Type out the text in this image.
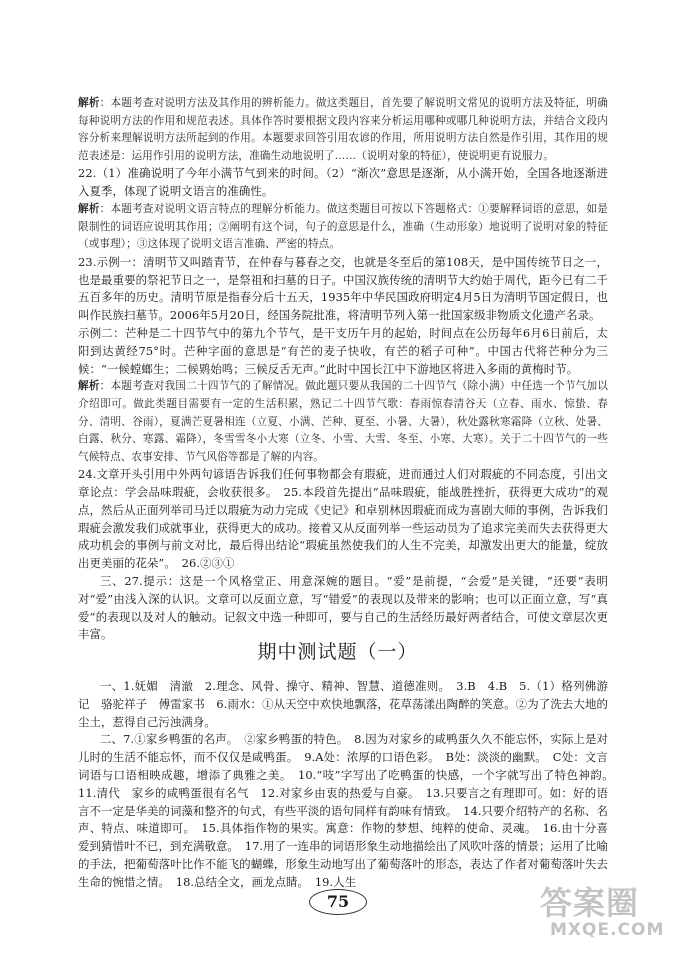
解析：本题考查对说明方法及其作用的辨析能力。做这类题目，首先要了解说明文常见的说明方法及特征，明确每种说明方法的作用和规范表述。具体作答时要根据文段内容来分析运用哪种或哪几种说明方法，并结合文段内容分析来理解说明方法所起到的作用。本题要求回答引用农谚的作用，所用说明方法自然是作引用，其作用的规范表述是：运用作引用的说明方法，准确生动地说明了……（说明对象的特征），使说明更有说服力。

22.（1）准确说明了今年小满节气到来的时间。（2）“渐次”意思是逐渐，从小满开始，全国各地逐渐进入夏季，体现了说明文语言的准确性。

解析：本题考查对说明文语言特点的理解分析能力。做这类题目可按以下答题格式：①要解释词语的意思，如是限制性的词语应说明其作用；②阐明有这个词，句子的意思是什么，准确（生动形象）地说明了说明对象的特征（或事理）；③这体现了说明文语言准确、严密的特点。

23.示例一：清明节又叫踏青节，在仲春与暮春之交，也就是冬至后的第108天，是中国传统节日之一，也是最重要的祭祀节日之一，是祭祖和扫墓的日子。中国汉族传统的清明节大约始于周代，距今已有二千五百多年的历史。清明节原是指春分后十五天，1935年中华民国政府明定4月5日为清明节国定假日，也叫作民族扫墓节。2006年5月20日，经国务院批准，将清明节列入第一批国家级非物质文化遗产名录。

示例二：芒种是二十四节气中的第九个节气，是干支历午月的起始，时间点在公历每年6月6日前后，太阳到达黄经75°时。芒种字面的意思是“有芒的麦子快收，有芒的稻子可种”。中国古代将芒种分为三候：“一候螳螂生；二候䴗始鸣；三候反舌无声。”此时中国长江中下游地区将进入多雨的黄梅时节。

解析：本题考查对我国二十四节气的了解情况。做此题只要从我国的二十四节气（除小满）中任选一个节气加以介绍即可。做此类题目需要有一定的生活积累，熟记二十四节气歌：春雨惊春清谷天（立春、雨水、惊蛰、春分、清明、谷雨），夏满芒夏暑相连（立夏、小满、芒种、夏至、小暑、大暑），秋处露秋寒霜降（立秋、处暑、白露、秋分、寒露、霜降），冬雪雪冬小大寒（立冬、小雪、大雪、冬至、小寒、大寒）。关于二十四节气的一些气候特点、农事安排、节气风俗等都是了解的内容。

24.文章开头引用中外两句谚语告诉我们任何事物都会有瑕疵，进而通过人们对瑕疵的不同态度，引出文章论点：学会品味瑕疵，会收获很多。　25.本段首先提出“品味瑕疵，能战胜挫折，获得更大成功”的观点，然后从正面列举司马迁以瑕疵为动力完成《史记》和卓别林因瑕疵而成为喜剧大师的事例，告诉我们瑕疵会激发我们成就事业，获得更大的成功。接着又从反面列举一些运动员为了追求完美而失去获得更大成功机会的事例与前文对比，最后得出结论“瑕疵虽然使我们的人生不完美，却激发出更大的能量，绽放出更美丽的花朵”。　26.②③①

三、27.提示：这是一个风格堂正、用意深婉的题目。“爱”是前提，“会爱”是关键，“还要”表明对“爱”由浅入深的认识。文章可以反面立意，写“错爱”的表现以及带来的影响；也可以正面立意，写“真爱”的表现以及对人的触动。记叙文中选一种即可，要与自己的生活经历最好两者结合，可使文章层次更丰富。

期中测试题（一）

一、1.妩媚　清澈　2.理念、风骨、操守、精神、智慧、道德准则。　3.B　4.B　5.（1）格列佛游记　骆驼祥子　傅雷家书　6.雨水：①从天空中欢快地飘落，花草荡漾出陶醉的笑意。②为了洗去大地的尘土，惹得自己污浊满身。

二、7.①家乡鸭蛋的名声。　②家乡鸭蛋的特色。　8.因为对家乡的咸鸭蛋久久不能忘怀，实际上是对儿时的生活不能忘怀，而不仅仅是咸鸭蛋。　9.A处：浓厚的口语色彩。　B处：淡淡的幽默。　C处：文言词语与口语相映成趣，增添了典雅之美。　10.“吱”字写出了吃鸭蛋的快感，一个字就写出了特色神韵。　11.清代　家乡的咸鸭蛋很有名气　12.对家乡由衷的热爱与自豪。　13.只要言之有理即可。如：好的语言不一定是华美的词藻和整齐的句式，有些平淡的语句同样有韵味有情致。　14.只要介绍特产的名称、名声、特点、味道即可。　15.具体指作物的果实。寓意：作物的梦想、纯粹的使命、灵魂。　16.由十分喜爱到猜惜叶不已，到充满敬意。　17.用了一连串的词语形象生动地描绘出了风吹叶落的情景；运用了比喻的手法，把葡萄落叶比作不能飞的蝴蝶，形象生动地写出了葡萄落叶的形态，表达了作者对葡萄落叶失去生命的惋惜之情。　18.总结全文，画龙点睛。　19.人生

75	答案圈
MXQE.COM
